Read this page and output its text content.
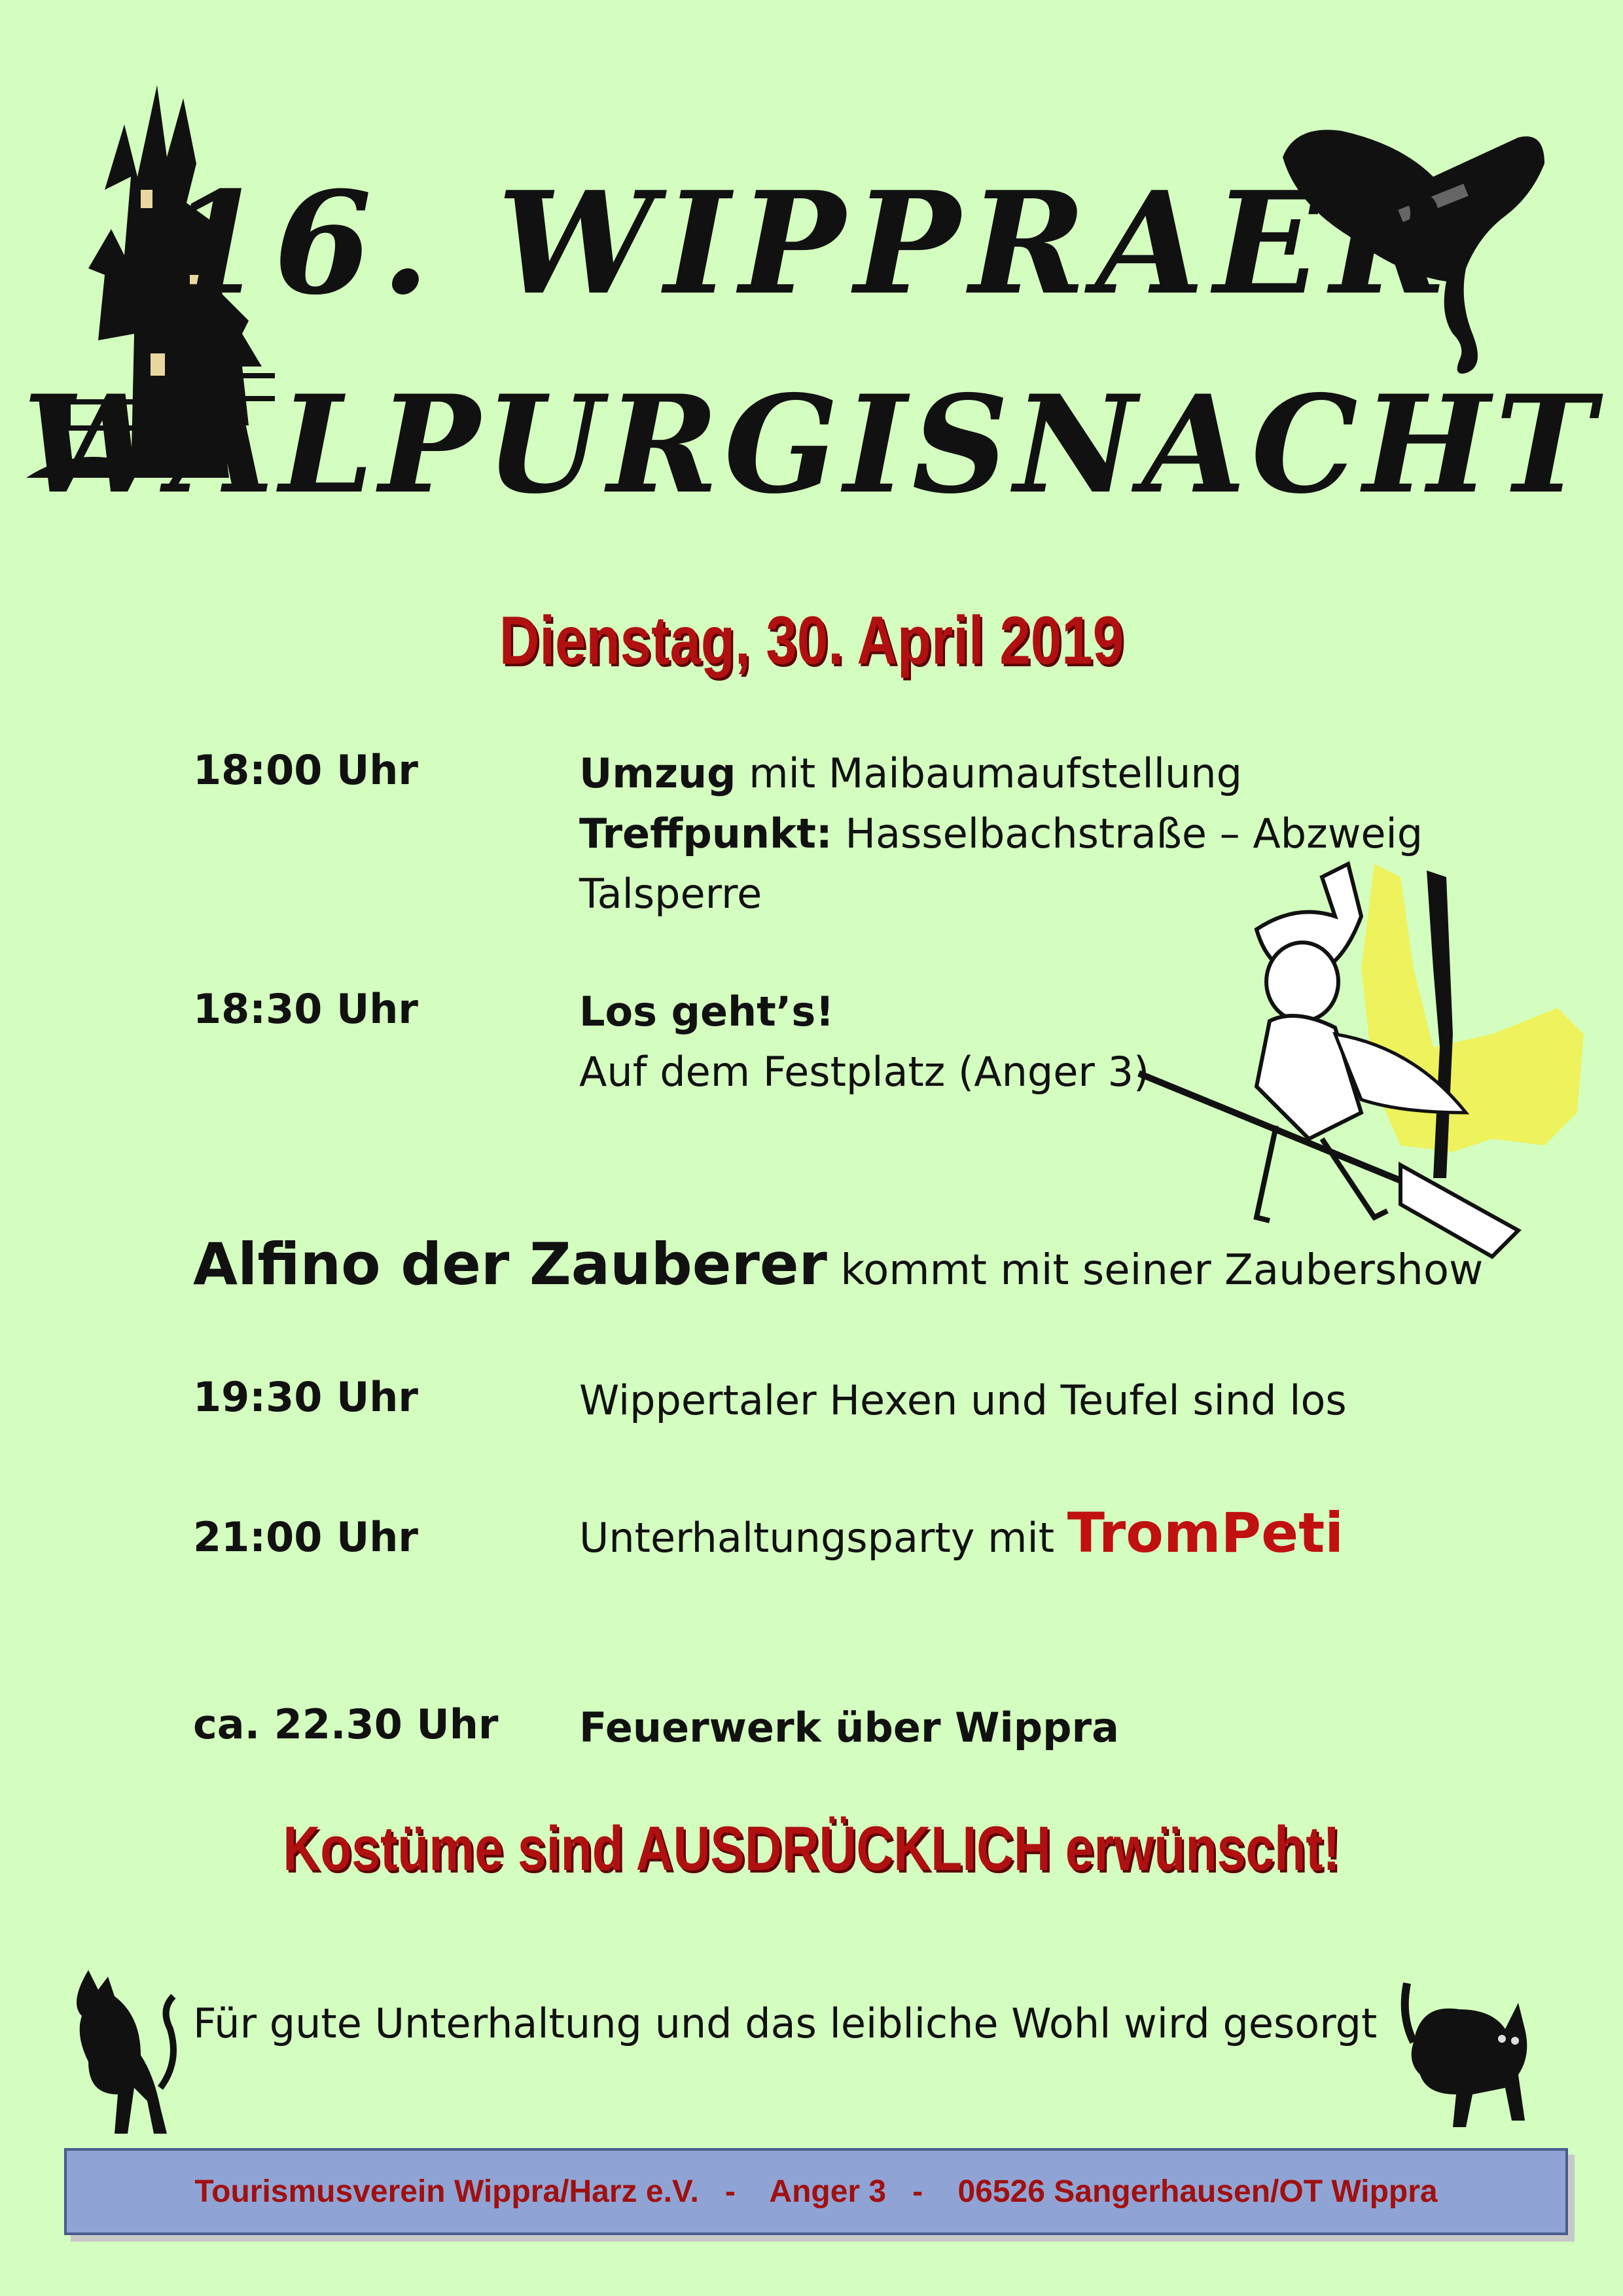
16. WIPPRAER
WALPURGISNACHT
Dienstag, 30. April 2019
18:00 Uhr	Umzug mit Maibaumaufstellung
Treffpunkt: Hasselbachstraße – Abzweig
Talsperre
18:30 Uhr	Los geht’s!
Auf dem Festplatz (Anger 3)
Alfino der Zauberer kommt mit seiner Zaubershow
19:30 Uhr	Wippertaler Hexen und Teufel sind los
21:00 Uhr	Unterhaltungsparty mit TromPeti
ca. 22.30 Uhr Feuerwerk über Wippra
Kostüme sind AUSDRÜCKLICH erwünscht!
Für gute Unterhaltung und das leibliche Wohl wird gesorgt
Tourismusverein Wippra/Harz e.V.   -    Anger 3   -    06526 Sangerhausen/OT Wippra
